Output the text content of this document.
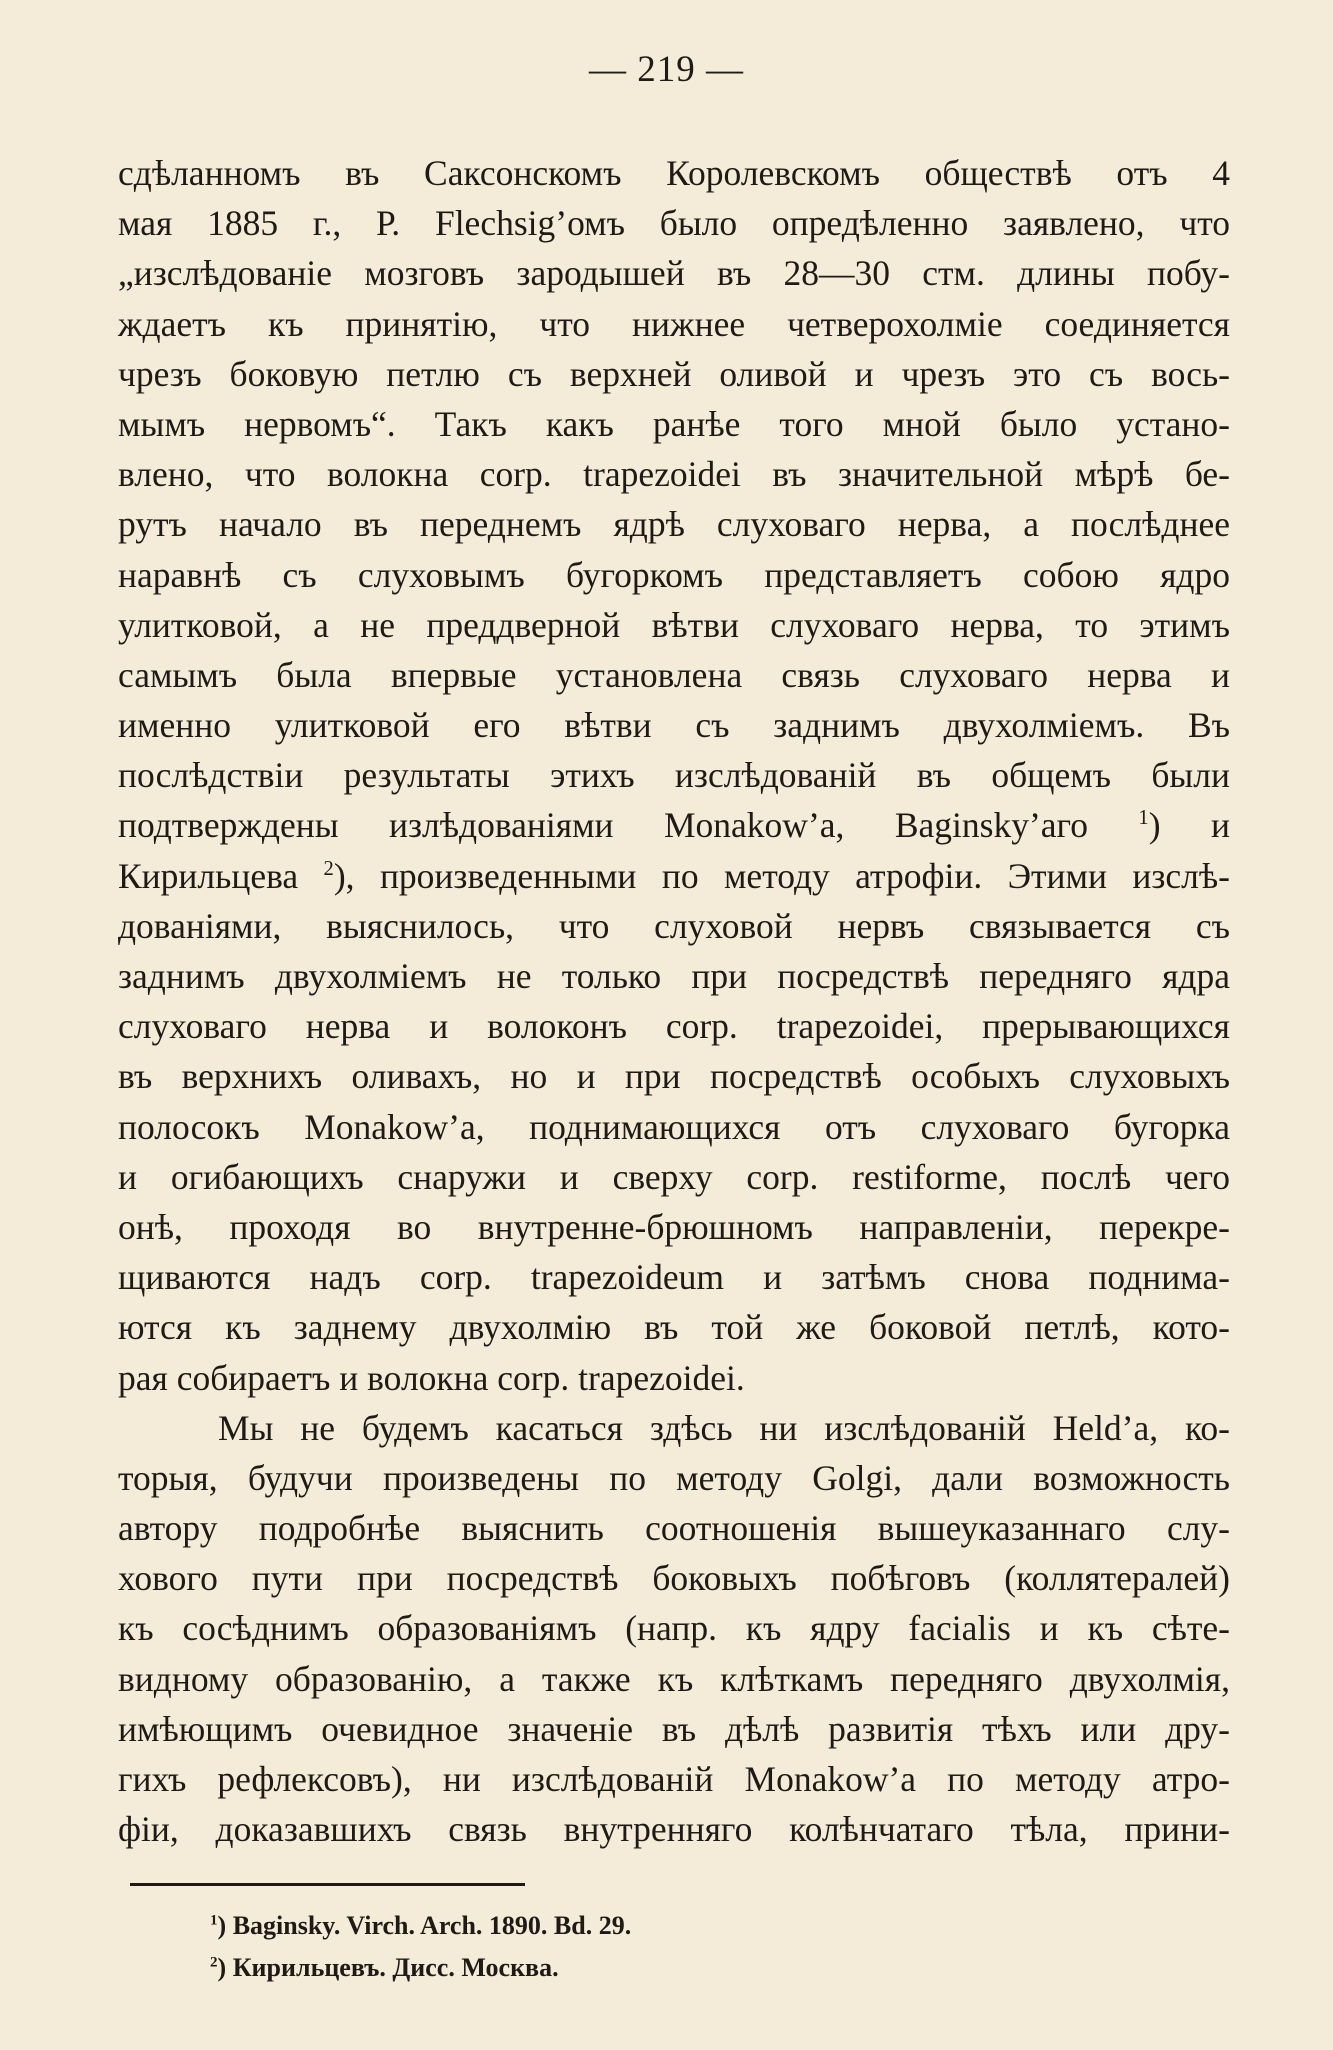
— 219 —
сдѣланномъ въ Саксонскомъ Королевскомъ обществѣ отъ 4
мая 1885 г., Р. Flechsig’омъ было опредѣленно заявлено, что
„изслѣдованіе мозговъ зародышей въ 28—30 стм. длины побу-
ждаетъ къ принятію, что нижнее четверохолміе соединяется
чрезъ боковую петлю съ верхней оливой и чрезъ это съ вось-
мымъ нервомъ“. Такъ какъ ранѣе того мной было устано-
влено, что волокна corp. trapezoidei въ значительной мѣрѣ бе-
рутъ начало въ переднемъ ядрѣ слуховаго нерва, а послѣднее
наравнѣ съ слуховымъ бугоркомъ представляетъ собою ядро
улитковой, а не преддверной вѣтви слуховаго нерва, то этимъ
самымъ была впервые установлена связь слуховаго нерва и
именно улитковой его вѣтви съ заднимъ двухолміемъ. Въ
послѣдствіи результаты этихъ изслѣдованій въ общемъ были
подтверждены излѣдованіями Monakow’a, Baginsky’аго $^1$) и
Кирильцева $^2$), произведенными по методу атрофіи. Этими изслѣ-
дованіями, выяснилось, что слуховой нервъ связывается съ
заднимъ двухолміемъ не только при посредствѣ передняго ядра
слуховаго нерва и волоконъ corp. trapezoidei, прерывающихся
въ верхнихъ оливахъ, но и при посредствѣ особыхъ слуховыхъ
полосокъ Monakow’a, поднимающихся отъ слуховаго бугорка
и огибающихъ снаружи и сверху corp. restiforme, послѣ чего
онѣ, проходя во внутренне-брюшномъ направленіи, перекре-
щиваются надъ corp. trapezoideum и затѣмъ снова поднима-
ются къ заднему двухолмію въ той же боковой петлѣ, кото-
рая собираетъ и волокна corp. trapezoidei.
Мы не будемъ касаться здѣсь ни изслѣдованій Held’a, ко-
торыя, будучи произведены по методу Golgi, дали возможность
автору подробнѣе выяснить соотношенія вышеуказаннаго слу-
хового пути при посредствѣ боковыхъ побѣговъ (коллятералей)
къ сосѣднимъ образованіямъ (напр. къ ядру facialis и къ сѣте-
видному образованію, а также къ клѣткамъ передняго двухолмія,
имѣющимъ очевидное значеніе въ дѣлѣ развитія тѣхъ или дру-
гихъ рефлексовъ), ни изслѣдованій Monakow’a по методу атро-
фіи, доказавшихъ связь внутренняго колѣнчатаго тѣла, прини-
$^1$) Baginsky. Virch. Arch. 1890. Bd. 29.
$^2$) Кирильцевъ. Дисс. Москва.
